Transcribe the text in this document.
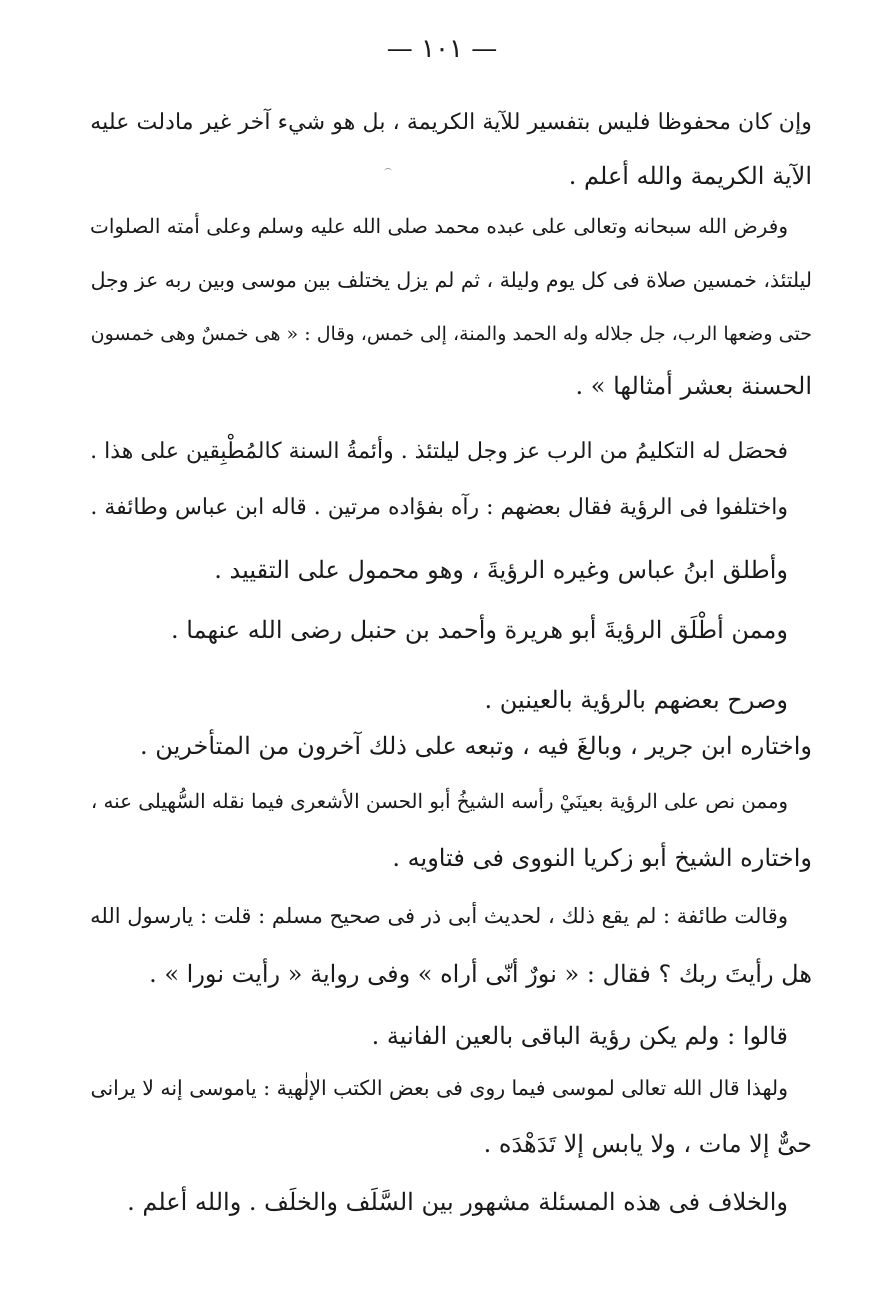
— ١٠١ —
وإن كان محفوظا فليس بتفسير للآية الكريمة ، بل هو شيء آخر غير مادلت عليه
الآية الكريمة والله أعلم .
وفرض الله سبحانه وتعالى على عبده محمد صلى الله عليه وسلم وعلى أمته الصلوات
ليلتئذ، خمسين صلاة فى كل يوم وليلة ، ثم لم يزل يختلف بين موسى وبين ربه عز وجل
حتى وضعها الرب، جل جلاله وله الحمد والمنة، إلى خمس، وقال : « هى خمسٌ وهى خمسون
الحسنة بعشر أمثالها » .
فحصَل له التكليمُ من الرب عز وجل ليلتئذ . وأئمةُ السنة كالمُطْبِقين على هذا .
واختلفوا فى الرؤية فقال بعضهم : رآه بفؤاده مرتين . قاله ابن عباس وطائفة .
وأطلق ابنُ عباس وغيره الرؤيةَ ، وهو محمول على التقييد .
وممن أطْلَق الرؤيةَ أبو هريرة وأحمد بن حنبل رضى الله عنهما .
وصرح بعضهم بالرؤية بالعينين .
واختاره ابن جرير ، وبالغَ فيه ، وتبعه على ذلك آخرون من المتأخرين .
وممن نص على الرؤية بعينَيْ رأسه الشيخُ أبو الحسن الأشعرى فيما نقله السُّهيلى عنه ،
واختاره الشيخ أبو زكريا النووى فى فتاويه .
وقالت طائفة : لم يقع ذلك ، لحديث أبى ذر فى صحيح مسلم : قلت : يارسول الله
هل رأيتَ ربك ؟ فقال : « نورٌ أنّى أراه » وفى رواية « رأيت نورا » .
قالوا : ولم يكن رؤية الباقى بالعين الفانية .
ولهذا قال الله تعالى لموسى فيما روى فى بعض الكتب الإلٰهية : ياموسى إنه لا يرانى
حىٌّ إلا مات ، ولا يابس إلا تَدَهْدَه .
والخلاف فى هذه المسئلة مشهور بين السَّلَف والخلَف . والله أعلم .
